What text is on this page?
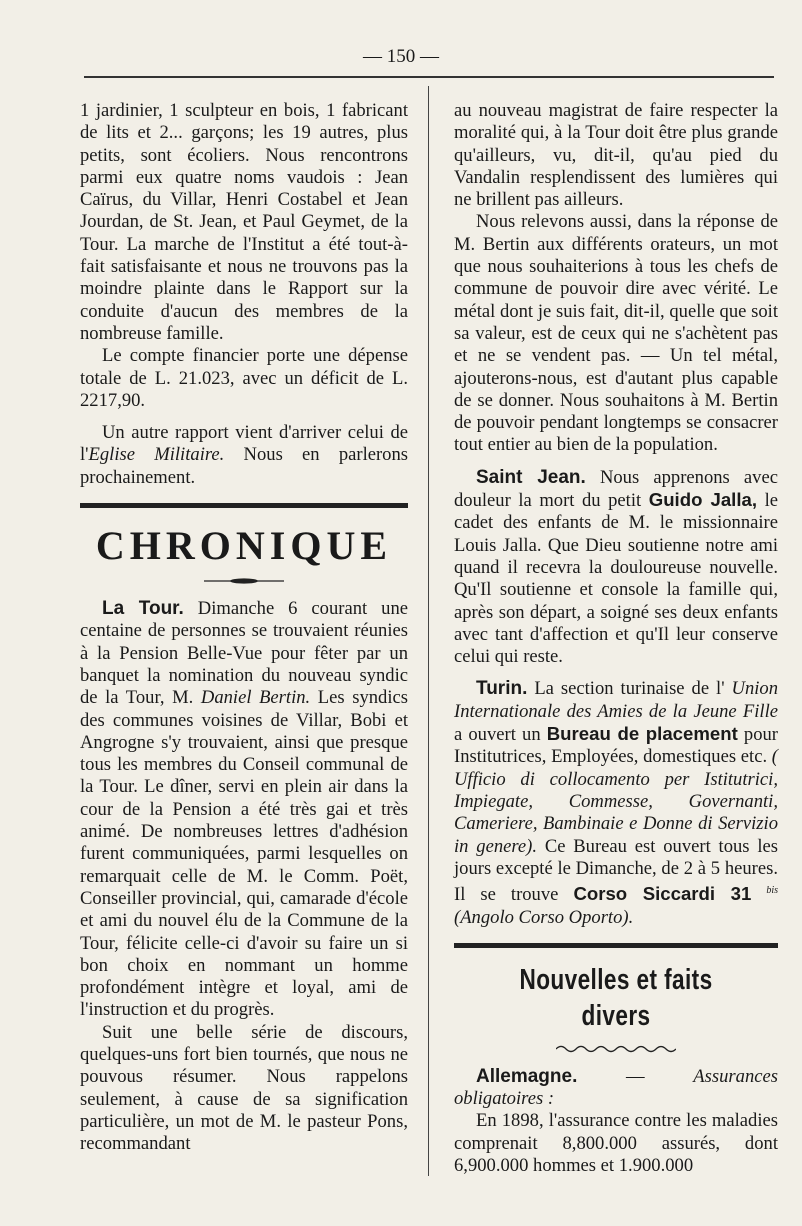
— 150 —

1 jardinier, 1 sculpteur en bois, 1 fabricant de lits et 2... garçons; les 19 autres, plus petits, sont écoliers. Nous rencontrons parmi eux quatre noms vaudois : Jean Caïrus, du Villar, Henri Costabel et Jean Jourdan, de St. Jean, et Paul Geymet, de la Tour. La marche de l'Institut a été tout-à-fait satisfaisante et nous ne trouvons pas la moindre plainte dans le Rapport sur la conduite d'aucun des membres de la nombreuse famille.

Le compte financier porte une dépense totale de L. 21.023, avec un déficit de L. 2217,90.

Un autre rapport vient d'arriver celui de l'Eglise Militaire. Nous en parlerons prochainement.

CHRONIQUE

La Tour. Dimanche 6 courant une centaine de personnes se trouvaient réunies à la Pension Belle-Vue pour fêter par un banquet la nomination du nouveau syndic de la Tour, M. Daniel Bertin. Les syndics des communes voisines de Villar, Bobi et Angrogne s'y trouvaient, ainsi que presque tous les membres du Conseil communal de la Tour. Le dîner, servi en plein air dans la cour de la Pension a été très gai et très animé. De nombreuses lettres d'adhésion furent communiquées, parmi lesquelles on remarquait celle de M. le Comm. Poët, Conseiller provincial, qui, camarade d'école et ami du nouvel élu de la Commune de la Tour, félicite celle-ci d'avoir su faire un si bon choix en nommant un homme profondément intègre et loyal, ami de l'instruction et du progrès.

Suit une belle série de discours, quelques-uns fort bien tournés, que nous ne pouvous résumer. Nous rappelons seulement, à cause de sa signification particulière, un mot de M. le pasteur Pons, recommandant

au nouveau magistrat de faire respecter la moralité qui, à la Tour doit être plus grande qu'ailleurs, vu, dit-il, qu'au pied du Vandalin resplendissent des lumières qui ne brillent pas ailleurs.

Nous relevons aussi, dans la réponse de M. Bertin aux différents orateurs, un mot que nous souhaiterions à tous les chefs de commune de pouvoir dire avec vérité. Le métal dont je suis fait, dit-il, quelle que soit sa valeur, est de ceux qui ne s'achètent pas et ne se vendent pas. — Un tel métal, ajouterons-nous, est d'autant plus capable de se donner. Nous souhaitons à M. Bertin de pouvoir pendant longtemps se consacrer tout entier au bien de la population.

Saint Jean. Nous apprenons avec douleur la mort du petit Guido Jalla, le cadet des enfants de M. le missionnaire Louis Jalla. Que Dieu soutienne notre ami quand il recevra la douloureuse nouvelle. Qu'Il soutienne et console la famille qui, après son départ, a soigné ses deux enfants avec tant d'affection et qu'Il leur conserve celui qui reste.

Turin. La section turinaise de l' Union Internationale des Amies de la Jeune Fille a ouvert un Bureau de placement pour Institutrices, Employées, domestiques etc. ( Ufficio di collocamento per Istitutrici, Impiegate, Commesse, Governanti, Cameriere, Bambinaie e Donne di Servizio in genere). Ce Bureau est ouvert tous les jours excepté le Dimanche, de 2 à 5 heures. Il se trouve Corso Siccardi 31 $^{bis}$ (Angolo Corso Oporto).

Nouvelles et faits divers

Allemagne. — Assurances obligatoires :

En 1898, l'assurance contre les maladies comprenait 8,800.000 assurés, dont 6,900.000 hommes et 1.900.000
